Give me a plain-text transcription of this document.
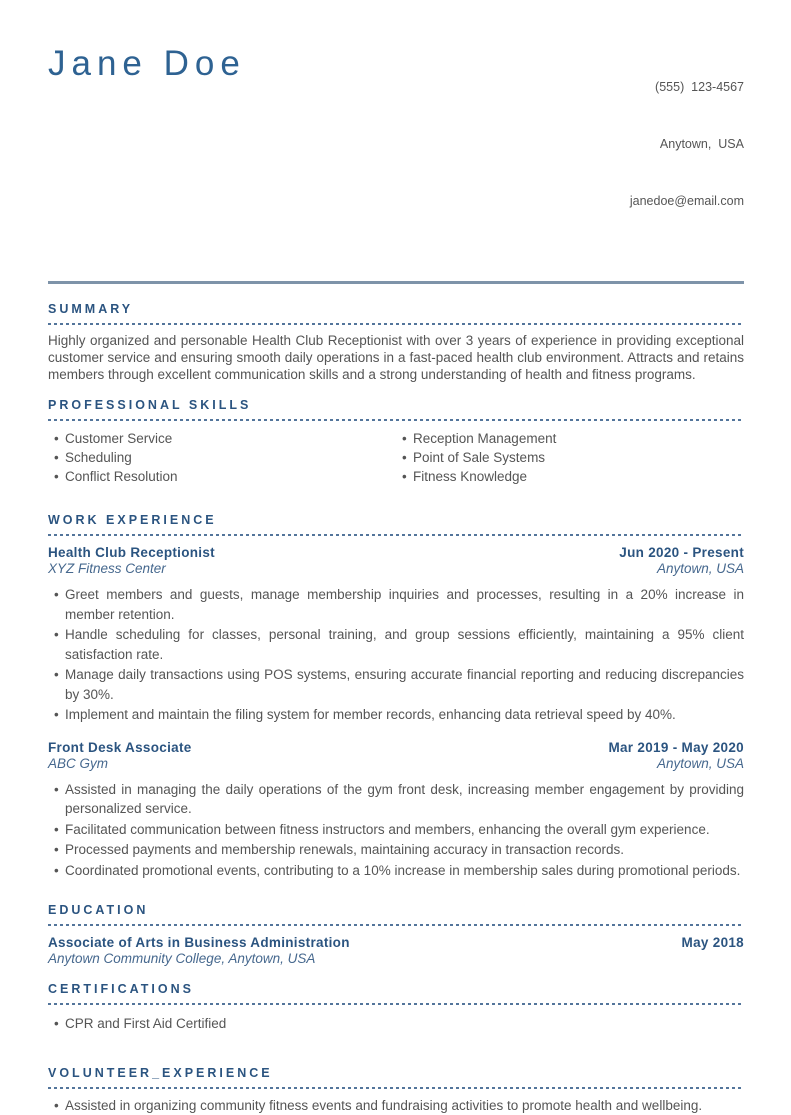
Jane Doe

(555)  123-4567

Anytown,  USA

janedoe@email.com

SUMMARY

Highly organized and personable Health Club Receptionist with over 3 years of experience in providing exceptional customer service and ensuring smooth daily operations in a fast-paced health club environment. Attracts and retains members through excellent communication skills and a strong understanding of health and fitness programs.

PROFESSIONAL SKILLS
• Customer Service
• Scheduling
• Conflict Resolution
• Reception Management
• Point of Sale Systems
• Fitness Knowledge
WORK EXPERIENCE
Health Club Receptionist
XYZ Fitness Center
Jun 2020 - Present
Anytown, USA
• Greet members and guests, manage membership inquiries and processes, resulting in a 20% increase in member retention.
• Handle scheduling for classes, personal training, and group sessions efficiently, maintaining a 95% client satisfaction rate.
• Manage daily transactions using POS systems, ensuring accurate financial reporting and reducing discrepancies by 30%.
• Implement and maintain the filing system for member records, enhancing data retrieval speed by 40%.
Front Desk Associate
ABC Gym
Mar 2019 - May 2020
Anytown, USA
• Assisted in managing the daily operations of the gym front desk, increasing member engagement by providing personalized service.
• Facilitated communication between fitness instructors and members, enhancing the overall gym experience.
• Processed payments and membership renewals, maintaining accuracy in transaction records.
• Coordinated promotional events, contributing to a 10% increase in membership sales during promotional periods.
EDUCATION
Associate of Arts in Business Administration
Anytown Community College, Anytown, USA
May 2018
CERTIFICATIONS
• CPR and First Aid Certified
VOLUNTEER_EXPERIENCE
• Assisted in organizing community fitness events and fundraising activities to promote health and wellbeing.
